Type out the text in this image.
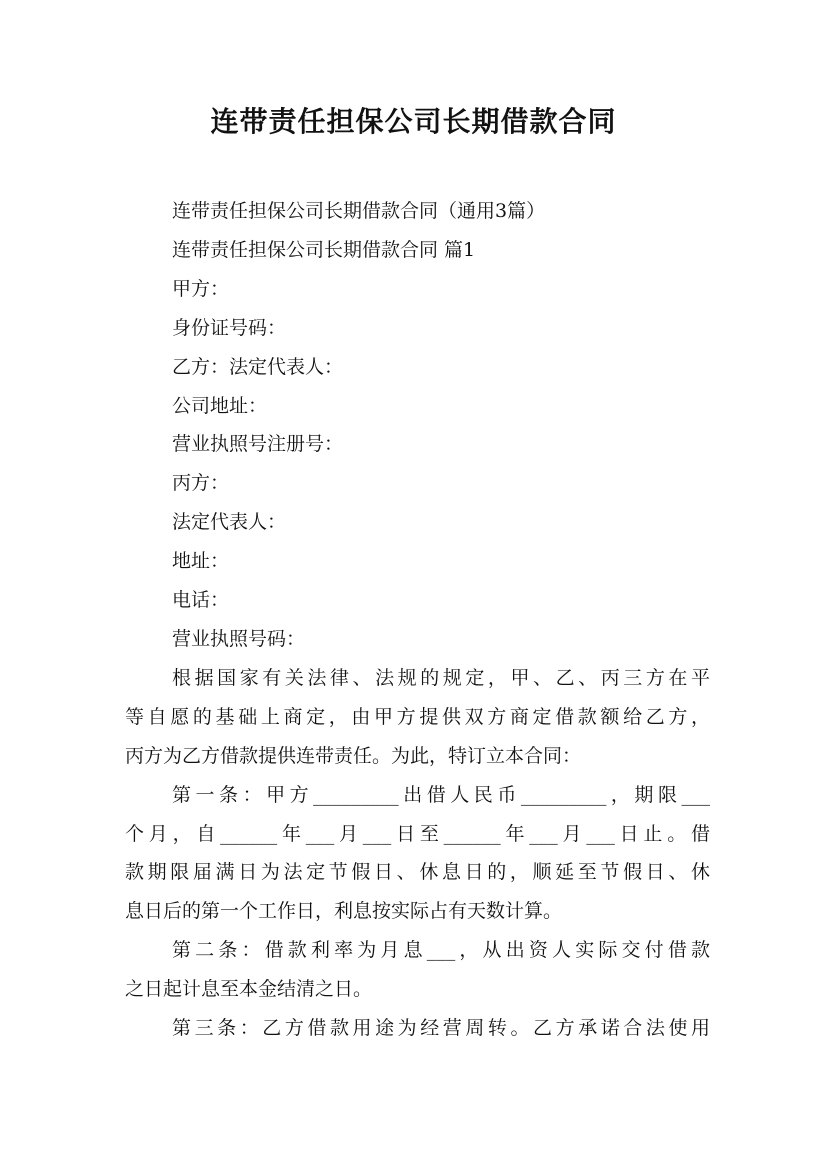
连带责任担保公司长期借款合同
连带责任担保公司长期借款合同（通用3篇）
连带责任担保公司长期借款合同 篇1
甲方：
身份证号码：
乙方：法定代表人：
公司地址：
营业执照号注册号：
丙方：
法定代表人：
地址：
电话：
营业执照号码：
根据国家有关法律、法规的规定，甲、乙、丙三方在平
等自愿的基础上商定，由甲方提供双方商定借款额给乙方，
丙方为乙方借款提供连带责任。为此，特订立本合同：
第一条：甲方_________出借人民币_________，期限___
个月，自______年___月___日至______年___月___日止。借
款期限届满日为法定节假日、休息日的，顺延至节假日、休
息日后的第一个工作日，利息按实际占有天数计算。
第二条：借款利率为月息___，从出资人实际交付借款
之日起计息至本金结清之日。
第三条：乙方借款用途为经营周转。乙方承诺合法使用
